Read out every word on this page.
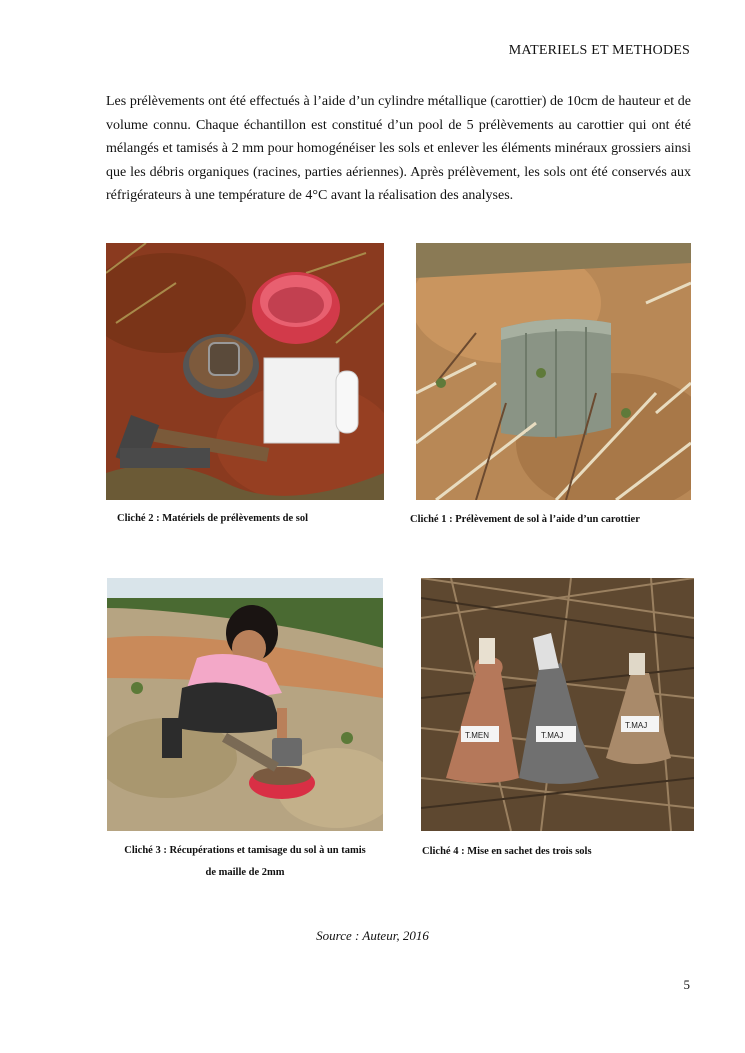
MATERIELS ET METHODES
Les prélèvements ont été effectués à l’aide d’un cylindre métallique (carottier) de 10cm de hauteur et de volume connu. Chaque échantillon est constitué d’un pool de 5 prélèvements au carottier qui ont été mélangés et tamisés à 2 mm pour homogénéiser les sols et enlever les éléments minéraux grossiers ainsi que les débris organiques (racines, parties aériennes). Après prélèvement, les sols ont été conservés aux réfrigérateurs à une température de 4°C avant la réalisation des analyses.
Cliché 2 : Matériels de prélèvements de sol	Cliché 1 : Prélèvement de sol à l’aide d’un carottier
T.MEN	T.MAJ
T.MAJ
Cliché 3 : Récupérations et tamisage du sol à un tamis
de maille de 2mm
Cliché 4 : Mise en sachet des trois sols
Source : Auteur, 2016
5
